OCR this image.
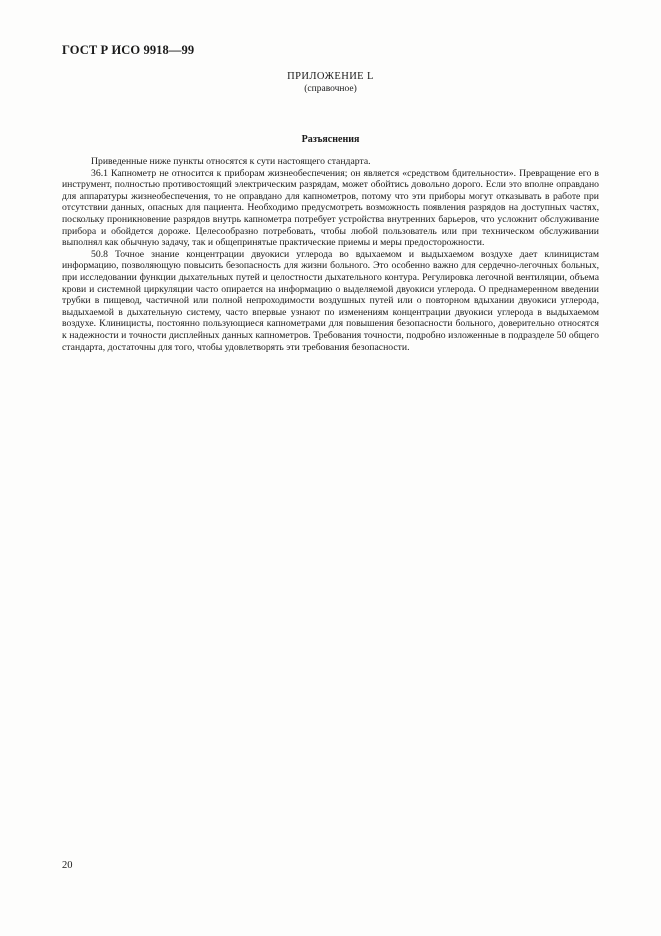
ГОСТ Р ИСО 9918—99
ПРИЛОЖЕНИЕ L
(справочное)
Разъяснения

Приведенные ниже пункты относятся к сути настоящего стандарта.

36.1 Капнометр не относится к приборам жизнеобеспечения; он является «средством бдительности». Превращение его в инструмент, полностью противостоящий электрическим разрядам, может обойтись довольно дорого. Если это вполне оправдано для аппаратуры жизнеобеспечения, то не оправдано для капнометров, потому что эти приборы могут отказывать в работе при отсутствии данных, опасных для пациента. Необходимо предусмотреть возможность появления разрядов на доступных частях, поскольку проникновение разрядов внутрь капнометра потребует устройства внутренних барьеров, что усложнит обслуживание прибора и обойдется дороже. Целесообразно потребовать, чтобы любой пользователь или при техническом обслуживании выполнял как обычную задачу, так и общепринятые практические приемы и меры предосторожности.

50.8 Точное знание концентрации двуокиси углерода во вдыхаемом и выдыхаемом воздухе дает клиницистам информацию, позволяющую повысить безопасность для жизни больного. Это особенно важно для сердечно-легочных больных, при исследовании функции дыхательных путей и целостности дыхательного контура. Регулировка легочной вентиляции, объема крови и системной циркуляции часто опирается на информацию о выделяемой двуокиси углерода. О преднамеренном введении трубки в пищевод, частичной или полной непроходимости воздушных путей или о повторном вдыхании двуокиси углерода, выдыхаемой в дыхательную систему, часто впервые узнают по изменениям концентрации двуокиси углерода в выдыхаемом воздухе. Клиницисты, постоянно пользующиеся капнометрами для повышения безопасности больного, доверительно относятся к надежности и точности дисплейных данных капнометров. Требования точности, подробно изложенные в подразделе 50 общего стандарта, достаточны для того, чтобы удовлетворять эти требования безопасности.

20
